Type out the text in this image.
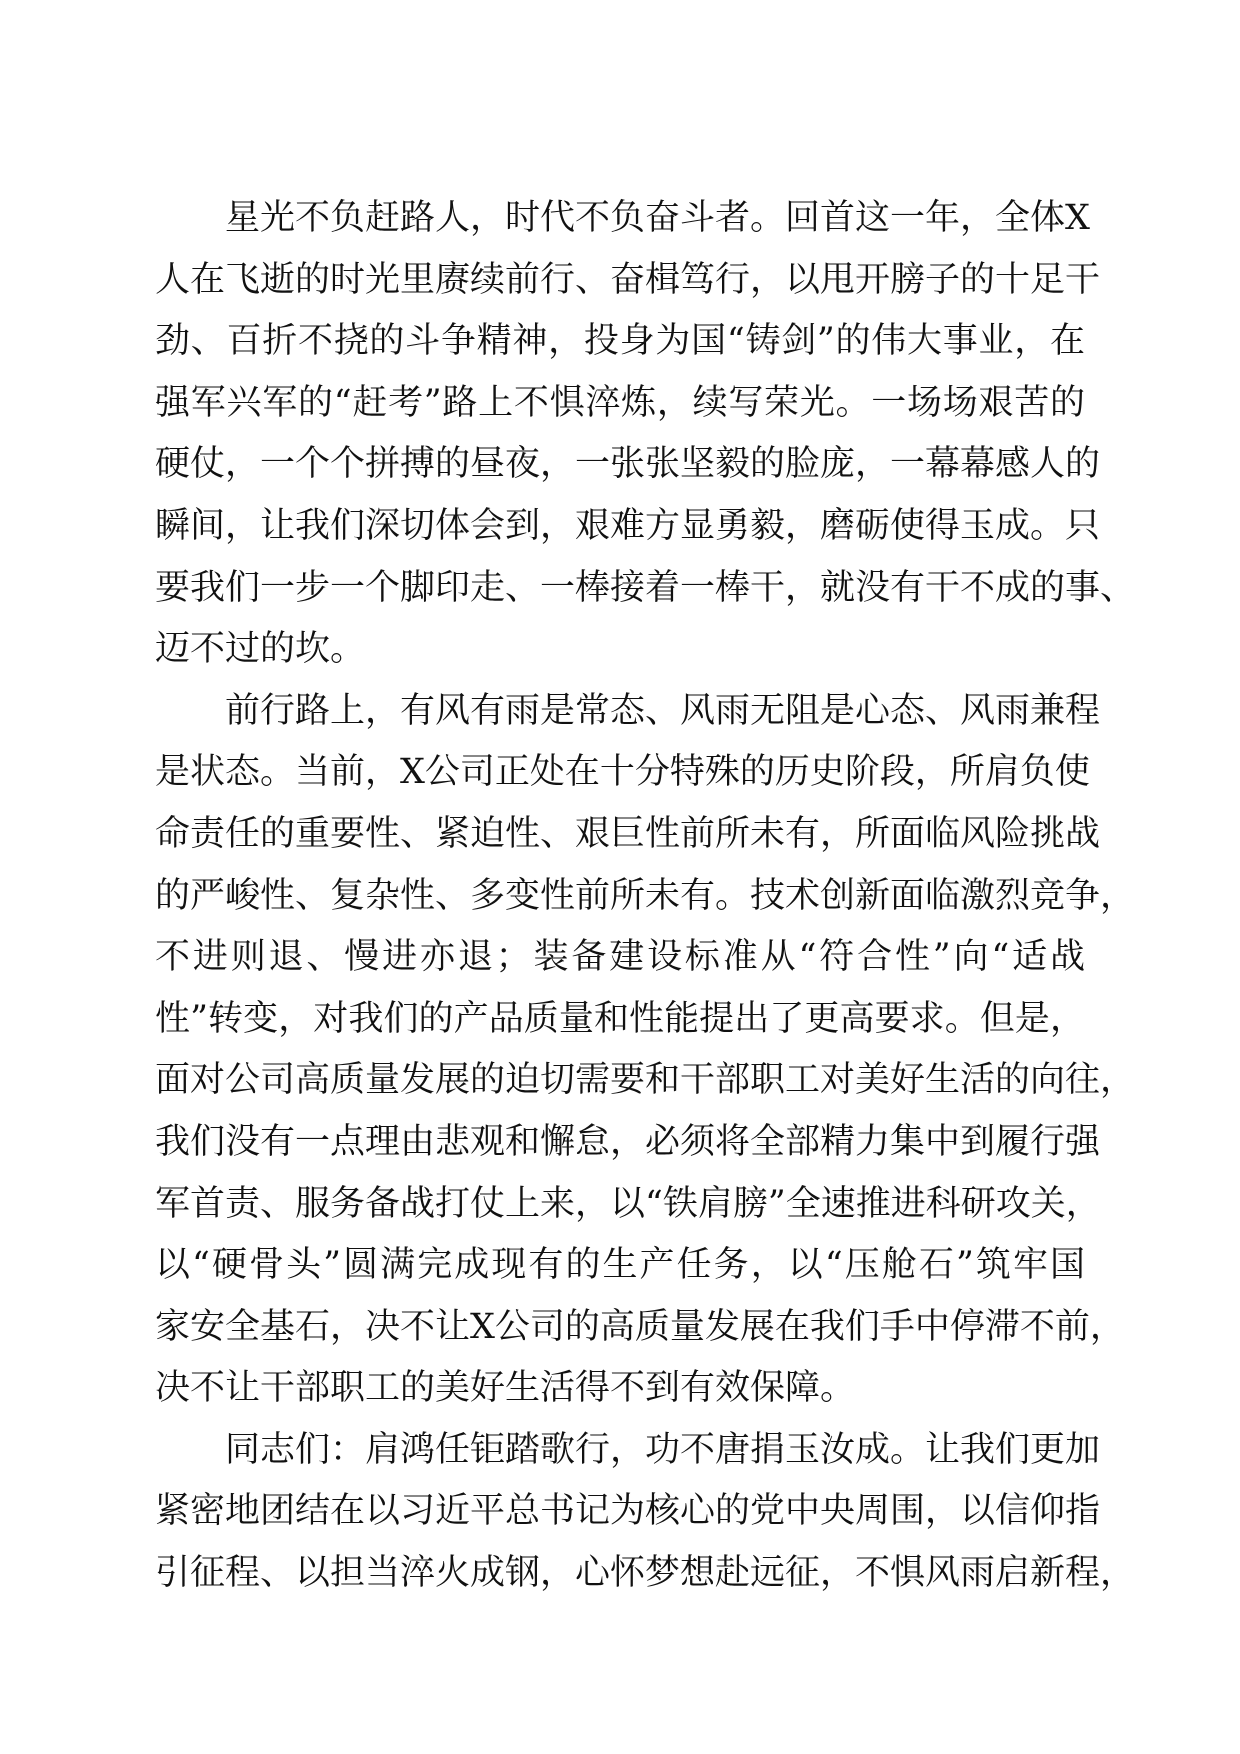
　　星光不负赶路人，时代不负奋斗者。回首这一年，全体X
人在飞逝的时光里赓续前行、奋楫笃行，以甩开膀子的十足干
劲、百折不挠的斗争精神，投身为国“铸剑”的伟大事业，在
强军兴军的“赶考”路上不惧淬炼，续写荣光。一场场艰苦的
硬仗，一个个拼搏的昼夜，一张张坚毅的脸庞，一幕幕感人的
瞬间，让我们深切体会到，艰难方显勇毅，磨砺使得玉成。只
要我们一步一个脚印走、一棒接着一棒干，就没有干不成的事、
迈不过的坎。
　　前行路上，有风有雨是常态、风雨无阻是心态、风雨兼程
是状态。当前，X公司正处在十分特殊的历史阶段，所肩负使
命责任的重要性、紧迫性、艰巨性前所未有，所面临风险挑战
的严峻性、复杂性、多变性前所未有。技术创新面临激烈竞争，
不进则退、慢进亦退；装备建设标准从“符合性”向“适战
性”转变，对我们的产品质量和性能提出了更高要求。但是，
面对公司高质量发展的迫切需要和干部职工对美好生活的向往，
我们没有一点理由悲观和懈怠，必须将全部精力集中到履行强
军首责、服务备战打仗上来，以“铁肩膀”全速推进科研攻关，
以“硬骨头”圆满完成现有的生产任务，以“压舱石”筑牢国
家安全基石，决不让X公司的高质量发展在我们手中停滞不前，
决不让干部职工的美好生活得不到有效保障。
　　同志们：肩鸿任钜踏歌行，功不唐捐玉汝成。让我们更加
紧密地团结在以习近平总书记为核心的党中央周围，以信仰指
引征程、以担当淬火成钢，心怀梦想赴远征，不惧风雨启新程，
